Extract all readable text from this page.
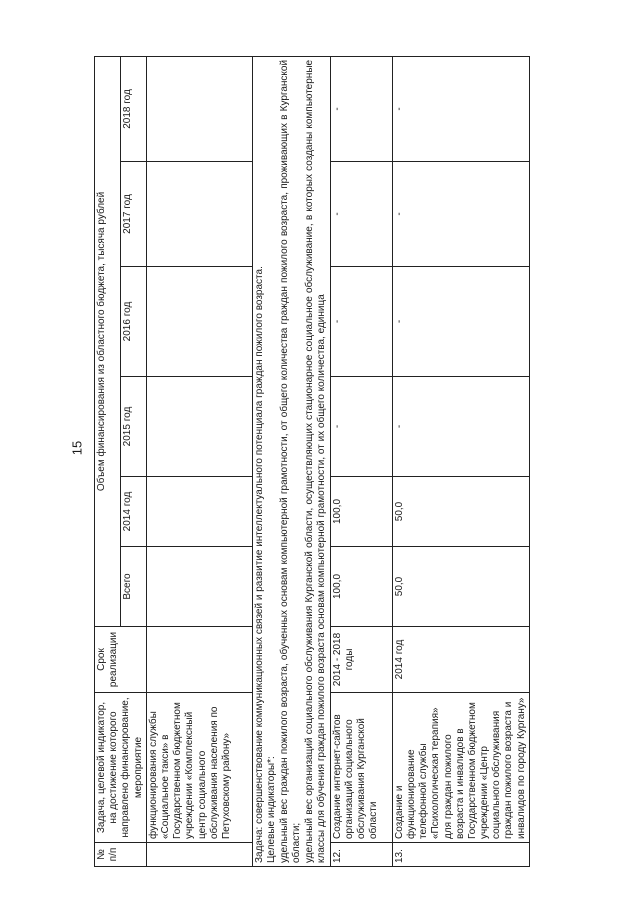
15
№ п/п	Задача, целевой индикатор, на достижение которого направлено финансирование, мероприятие	Срок реализации	Объем финансирования из областного бюджета, тысяча рублей					
			Всего	2014 год	2015 год	2016 год	2017 год	2018 год
	функционирования службы «Социальное такси» в Государственном бюджетном учреждении «Комплексный центр социального обслуживания населения по Петуховскому району»							

Задача: совершенствование коммуникационных связей и развитие интеллектуального потенциала граждан пожилого возраста. Целевые индикаторы*: удельный вес граждан пожилого возраста, обученных основам компьютерной грамотности, от общего количества граждан пожилого возраста, проживающих в Курганской области; удельный вес организаций социального обслуживания Курганской области, осуществляющих стационарное социальное обслуживание, в которых созданы компьютерные классы для обучения граждан пожилого возраста основам компьютерной грамотности, от их общего количества, единица								

12.	Создание интернет-сайтов организаций социального обслуживания Курганской области	2014 - 2018 годы	100,0	100,0	-	-	-	-
13.	Создание и функционирование телефонной службы «Психологическая терапия» для граждан пожилого возраста и инвалидов в Государственном бюджетном учреждении «Центр социального обслуживания граждан пожилого возраста и инвалидов по городу Кургану»	2014 год	50,0	50,0	-	-	-	-
